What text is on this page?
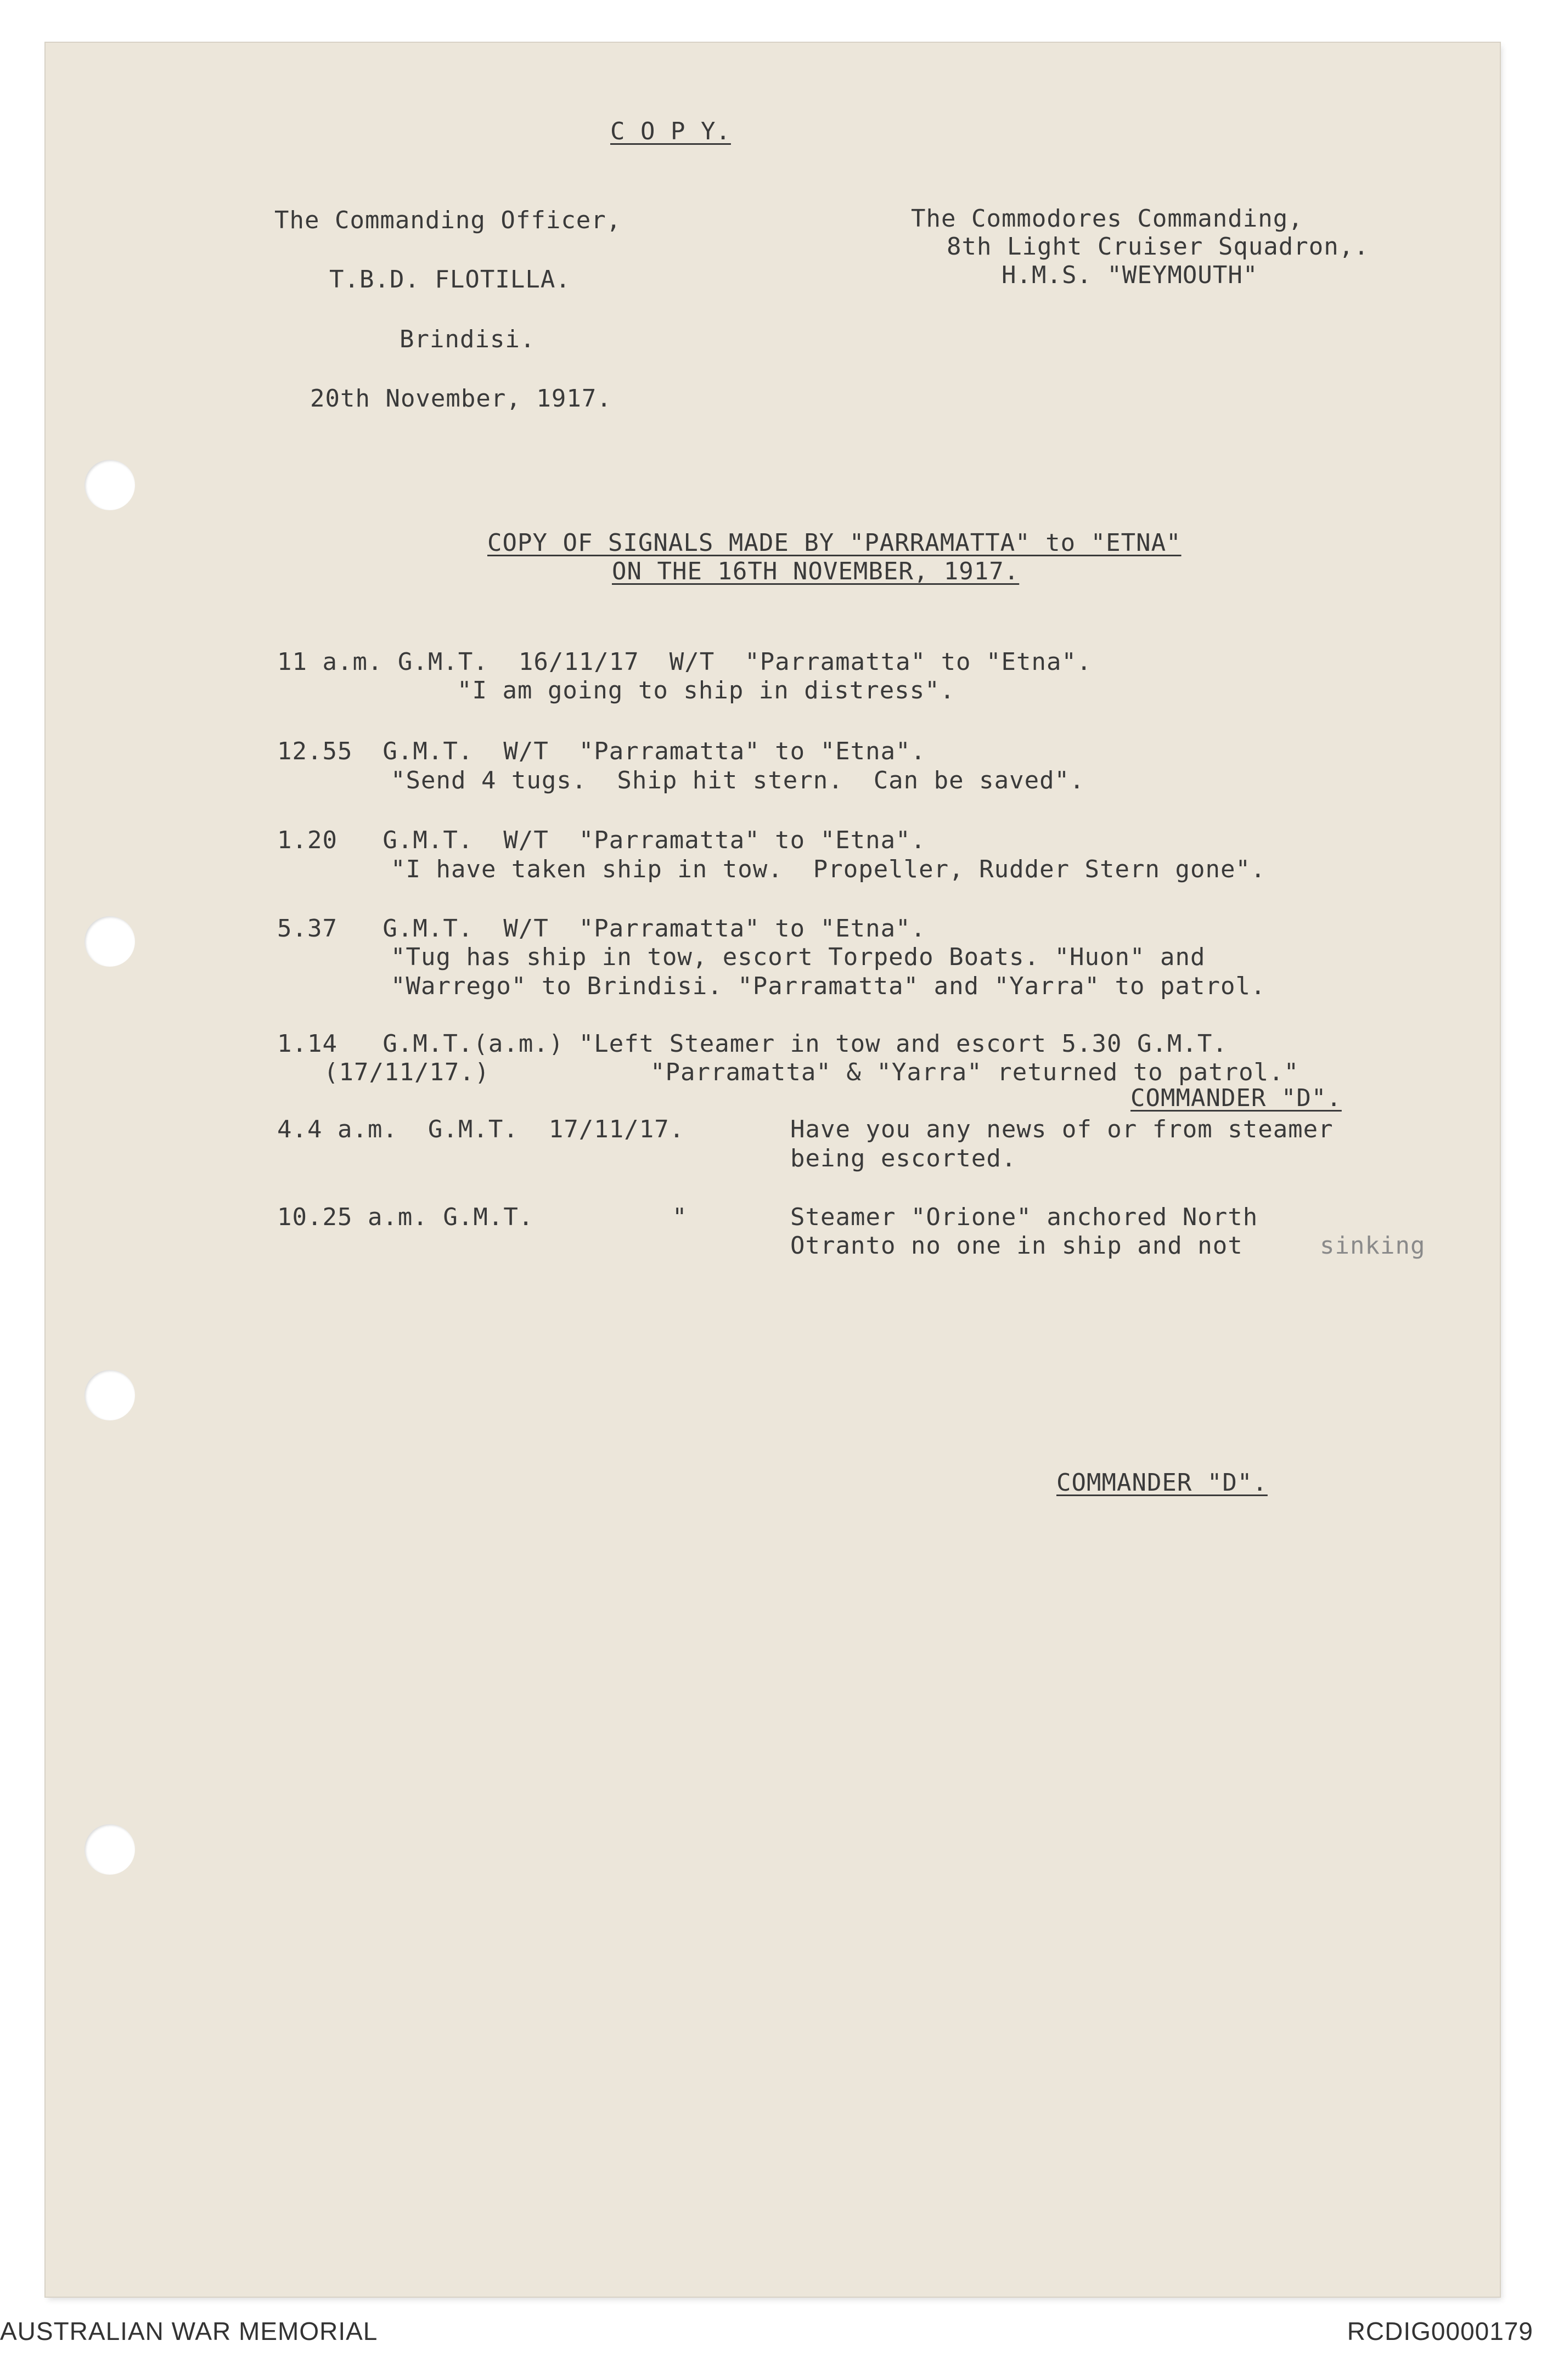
C O P Y.
The Commanding Officer,
T.B.D. FLOTILLA.
Brindisi.
20th November, 1917.
The Commodores Commanding,
8th Light Cruiser Squadron,.
H.M.S. "WEYMOUTH"
COPY OF SIGNALS MADE BY "PARRAMATTA" to "ETNA"
ON THE 16TH NOVEMBER, 1917.
11 a.m. G.M.T.  16/11/17  W/T  "Parramatta" to "Etna".
"I am going to ship in distress".
12.55  G.M.T.  W/T  "Parramatta" to "Etna".
"Send 4 tugs.  Ship hit stern.  Can be saved".
1.20   G.M.T.  W/T  "Parramatta" to "Etna".
"I have taken ship in tow.  Propeller, Rudder Stern gone".
5.37   G.M.T.  W/T  "Parramatta" to "Etna".
"Tug has ship in tow, escort Torpedo Boats. "Huon" and
"Warrego" to Brindisi. "Parramatta" and "Yarra" to patrol.
1.14   G.M.T.(a.m.) "Left Steamer in tow and escort 5.30 G.M.T.
(17/11/17.)	"Parramatta" & "Yarra" returned to patrol."
COMMANDER "D".
4.4 a.m.  G.M.T.  17/11/17.	Have you any news of or from steamer
being escorted.
10.25 a.m. G.M.T.	"	Steamer "Orione" anchored North
Otranto no one in ship and not	sinking
COMMANDER "D".
AUSTRALIAN WAR MEMORIAL	RCDIG0000179
